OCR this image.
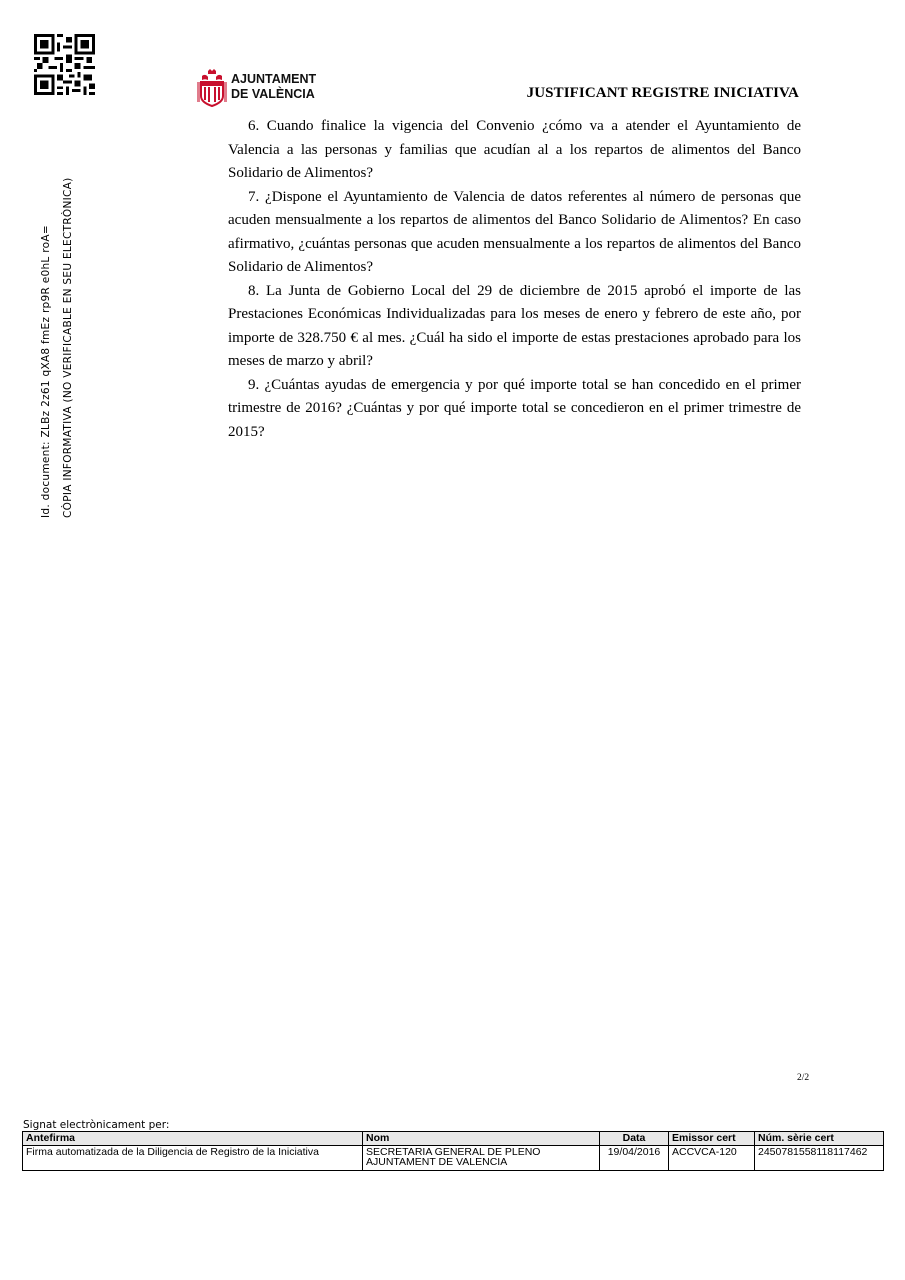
AJUNTAMENT
DE VALÈNCIA	JUSTIFICANT REGISTRE INICIATIVA
Id. document: ZLBz 2z61 qXA8 fmEz rp9R e0hL roA= CÒPIA INFORMATIVA (NO VERIFICABLE EN SEU ELECTRÒNICA)

6. Cuando finalice la vigencia del Convenio ¿cómo va a atender el Ayuntamiento de Valencia a las personas y familias que acudían al a los repartos de alimentos del Banco Solidario de Alimentos?

7. ¿Dispone el Ayuntamiento de Valencia de datos referentes al número de personas que acuden mensualmente a los repartos de alimentos del Banco Solidario de Alimentos? En caso afirmativo, ¿cuántas personas que acuden mensualmente a los repartos de alimentos del Banco Solidario de Alimentos?

8. La Junta de Gobierno Local del 29 de diciembre de 2015 aprobó el importe de las Prestaciones Económicas Individualizadas para los meses de enero y febrero de este año, por importe de 328.750 € al mes. ¿Cuál ha sido el importe de estas prestaciones aprobado para los meses de marzo y abril?

9. ¿Cuántas ayudas de emergencia y por qué importe total se han concedido en el primer trimestre de 2016? ¿Cuántas y por qué importe total se concedieron en el primer trimestre de 2015?

2/2
Signat electrònicament per:
Antefirma	Nom	Data	Emissor cert	Núm. sèrie cert
Firma automatizada de la Diligencia de Registro de la Iniciativa	SECRETARIA GENERAL DE PLENO
AJUNTAMENT DE VALENCIA	19/04/2016	ACCVCA-120	2450781558118117462
